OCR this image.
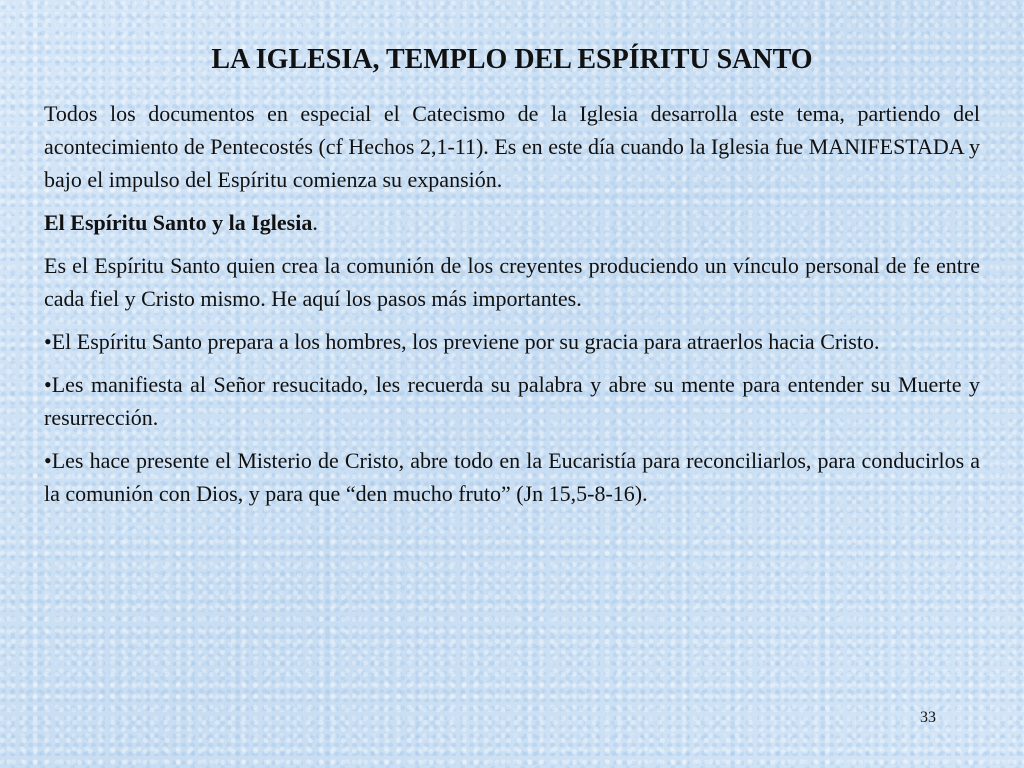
LA IGLESIA, TEMPLO DEL ESPÍRITU SANTO

Todos los documentos en especial el Catecismo de la Iglesia desarrolla este tema, partiendo del acontecimiento de Pentecostés (cf Hechos 2,1-11). Es en este día cuando la Iglesia fue MANIFESTADA y bajo el impulso del Espíritu comienza su expansión.

El Espíritu Santo y la Iglesia.

Es el Espíritu Santo quien crea la comunión de los creyentes produciendo un vínculo personal de fe entre cada fiel y Cristo mismo. He aquí los pasos más importantes.

•El Espíritu Santo prepara a los hombres, los previene por su gracia para atraerlos hacia Cristo.

•Les manifiesta al Señor resucitado, les recuerda su palabra y abre su mente para entender su Muerte y resurrección.

•Les hace presente el Misterio de Cristo, abre todo en la Eucaristía para reconciliarlos, para conducirlos a la comunión con Dios, y para que “den mucho fruto” (Jn 15,5-8-16).

33
